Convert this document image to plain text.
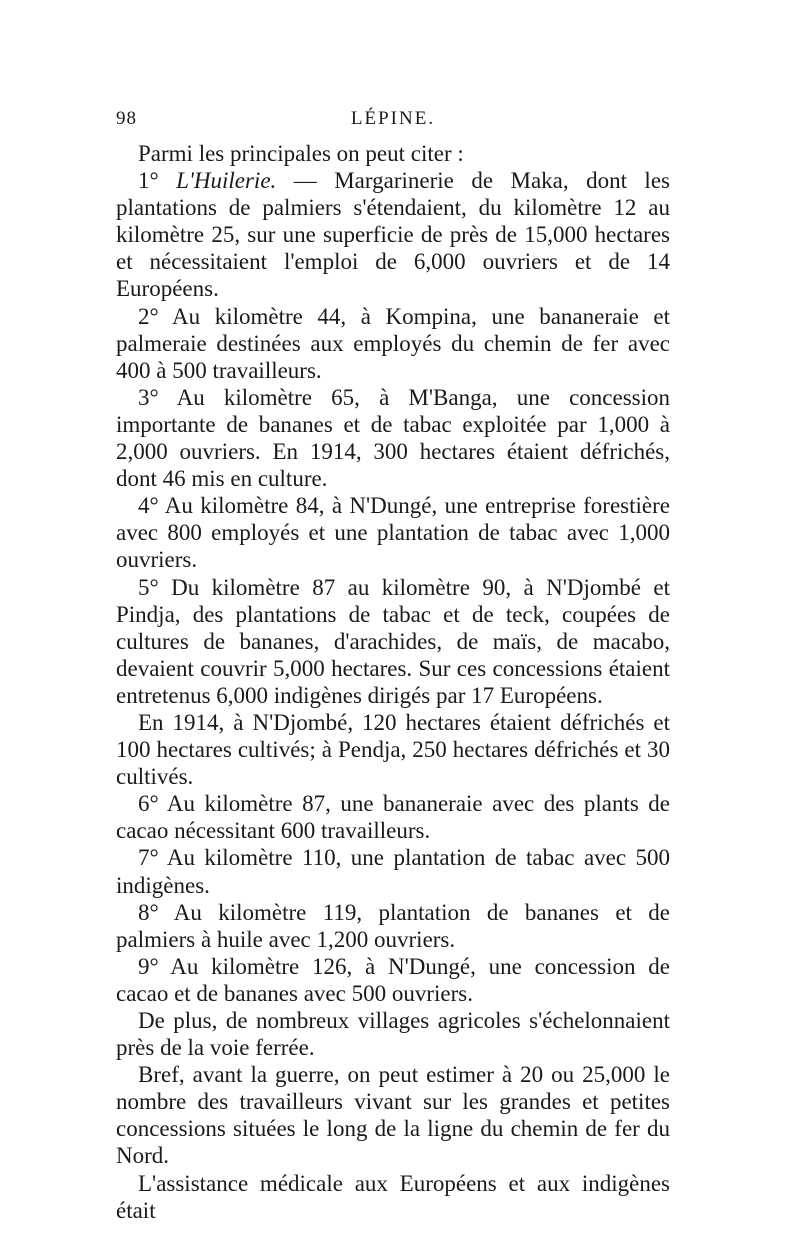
98	LÉPINE.

Parmi les principales on peut citer :

1° L'Huilerie. — Margarinerie de Maka, dont les plantations de palmiers s'étendaient, du kilomètre 12 au kilomètre 25, sur une superficie de près de 15,000 hectares et nécessitaient l'emploi de 6,000 ouvriers et de 14 Européens.

2° Au kilomètre 44, à Kompina, une bananeraie et palmeraie destinées aux employés du chemin de fer avec 400 à 500 travailleurs.

3° Au kilomètre 65, à M'Banga, une concession importante de bananes et de tabac exploitée par 1,000 à 2,000 ouvriers. En 1914, 300 hectares étaient défrichés, dont 46 mis en culture.

4° Au kilomètre 84, à N'Dungé, une entreprise forestière avec 800 employés et une plantation de tabac avec 1,000 ouvriers.

5° Du kilomètre 87 au kilomètre 90, à N'Djombé et Pindja, des plantations de tabac et de teck, coupées de cultures de bananes, d'arachides, de maïs, de macabo, devaient couvrir 5,000 hectares. Sur ces concessions étaient entretenus 6,000 indigènes dirigés par 17 Européens.

En 1914, à N'Djombé, 120 hectares étaient défrichés et 100 hectares cultivés; à Pendja, 250 hectares défrichés et 30 cultivés.

6° Au kilomètre 87, une bananeraie avec des plants de cacao nécessitant 600 travailleurs.

7° Au kilomètre 110, une plantation de tabac avec 500 indigènes.

8° Au kilomètre 119, plantation de bananes et de palmiers à huile avec 1,200 ouvriers.

9° Au kilomètre 126, à N'Dungé, une concession de cacao et de bananes avec 500 ouvriers.

De plus, de nombreux villages agricoles s'échelonnaient près de la voie ferrée.

Bref, avant la guerre, on peut estimer à 20 ou 25,000 le nombre des travailleurs vivant sur les grandes et petites concessions situées le long de la ligne du chemin de fer du Nord.

L'assistance médicale aux Européens et aux indigènes était
